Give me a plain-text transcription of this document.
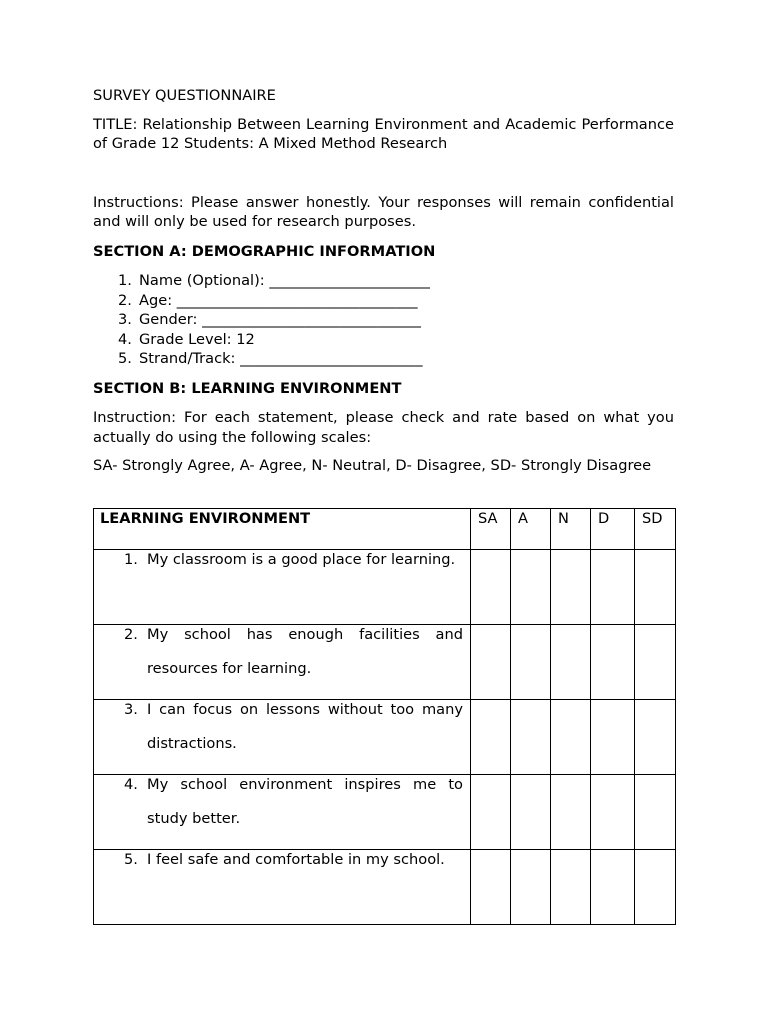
SURVEY QUESTIONNAIRE

TITLE: Relationship Between Learning Environment and Academic Performance of Grade 12 Students: A Mixed Method Research

Instructions: Please answer honestly. Your responses will remain confidential and will only be used for research purposes.

SECTION A: DEMOGRAPHIC INFORMATION

1. Name (Optional): ______________________
2. Age: _________________________________
3. Gender: ______________________________
4. Grade Level: 12
5. Strand/Track: _________________________

SECTION B: LEARNING ENVIRONMENT

Instruction: For each statement, please check and rate based on what you actually do using the following scales:

SA- Strongly Agree, A- Agree, N- Neutral, D- Disagree, SD- Strongly Disagree

LEARNING ENVIRONMENT	SA	A	N	D	SD

1. My classroom is a good place for learning.					

2. My school has enough facilities and resources for learning.					

3. I can focus on lessons without too many distractions.					

4. My school environment inspires me to study better.					

5. I feel safe and comfortable in my school.					
